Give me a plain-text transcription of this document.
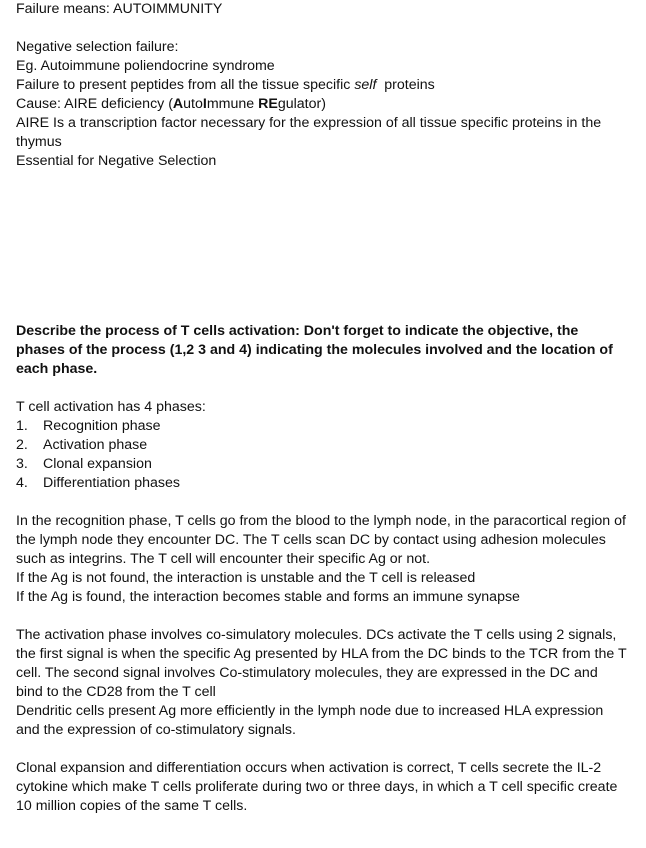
Failure means: AUTOIMMUNITY

Negative selection failure:

Eg. Autoimmune poliendocrine syndrome

Failure to present peptides from all the tissue specific self  proteins

Cause: AIRE deficiency (AutoImmune REgulator)

AIRE Is a transcription factor necessary for the expression of all tissue specific proteins in the thymus

Essential for Negative Selection

Describe the process of T cells activation: Don't forget to indicate the objective, the phases of the process (1,2 3 and 4) indicating the molecules involved and the location of each phase.

T cell activation has 4 phases:

1.	Recognition phase
2.	Activation phase
3.	Clonal expansion
4.	Differentiation phases

In the recognition phase, T cells go from the blood to the lymph node, in the paracortical region of the lymph node they encounter DC. The T cells scan DC by contact using adhesion molecules such as integrins. The T cell will encounter their specific Ag or not.

If the Ag is not found, the interaction is unstable and the T cell is released

If the Ag is found, the interaction becomes stable and forms an immune synapse

The activation phase involves co-simulatory molecules. DCs activate the T cells using 2 signals, the first signal is when the specific Ag presented by HLA from the DC binds to the TCR from the T cell. The second signal involves Co-stimulatory molecules, they are expressed in the DC and bind to the CD28 from the T cell

Dendritic cells present Ag more efficiently in the lymph node due to increased HLA expression and the expression of co-stimulatory signals.

Clonal expansion and differentiation occurs when activation is correct, T cells secrete the IL-2 cytokine which make T cells proliferate during two or three days, in which a T cell specific create 10 million copies of the same T cells.
